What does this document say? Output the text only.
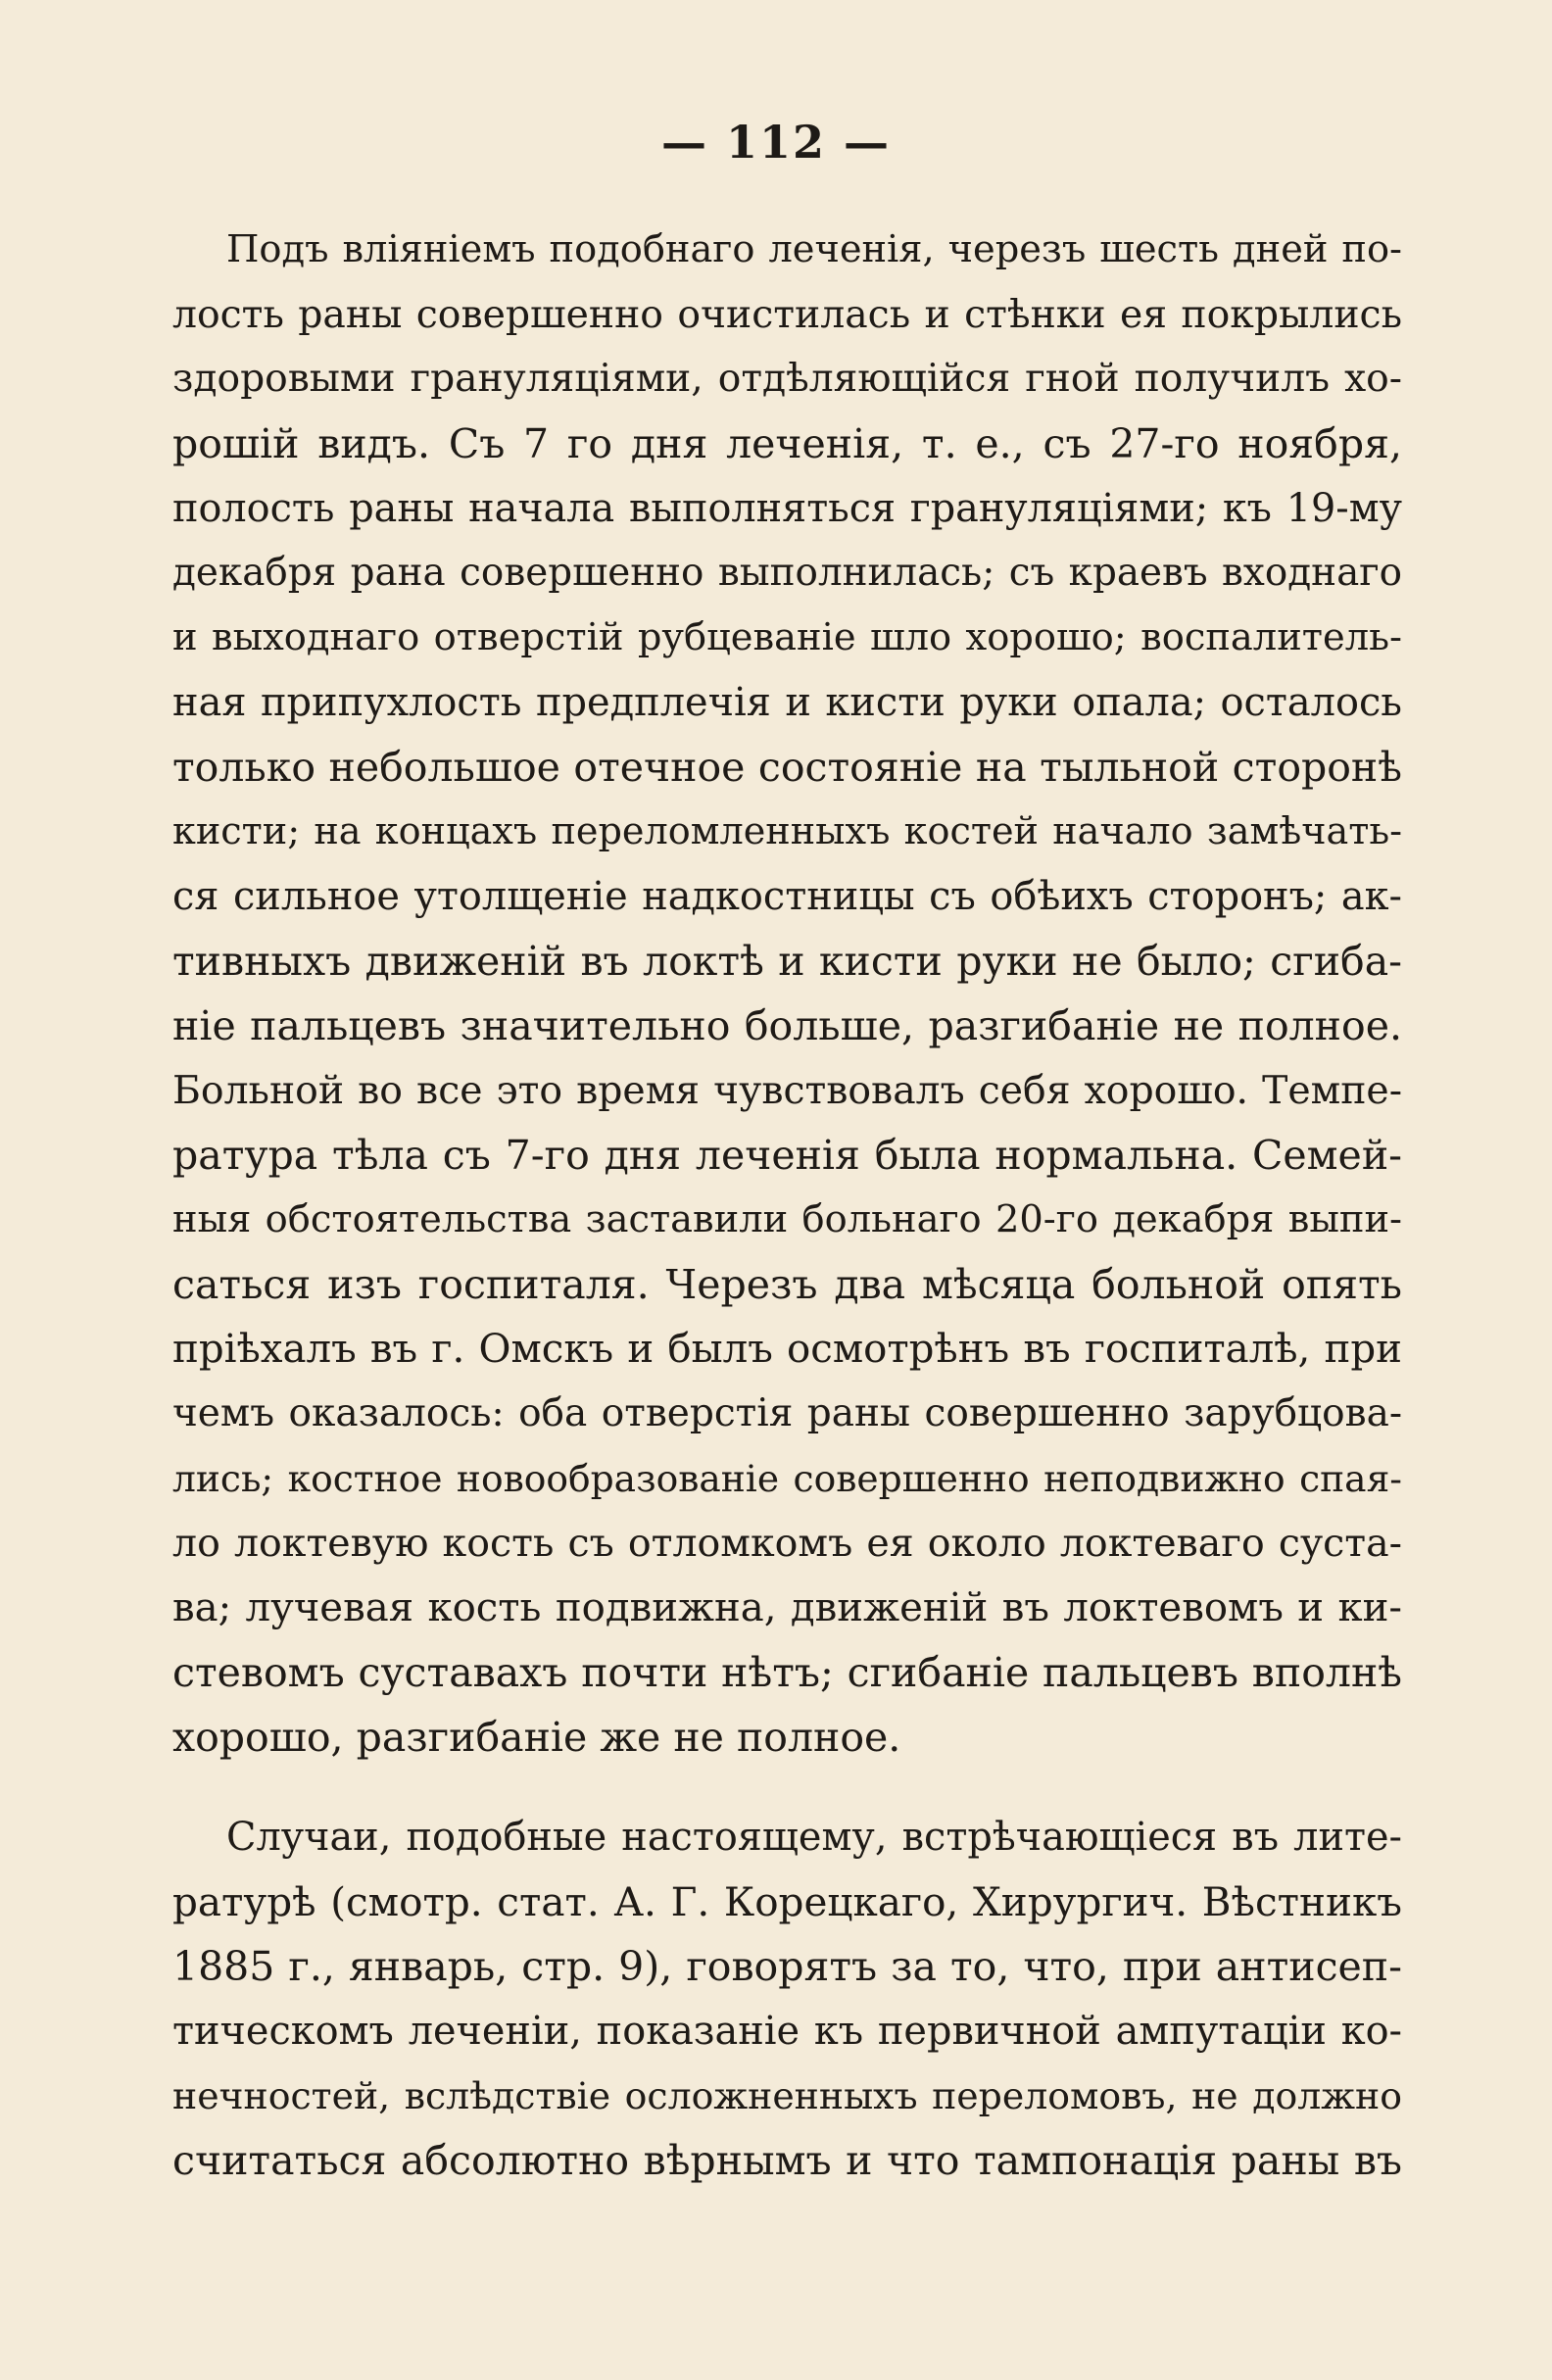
— 112 —
Подъ вліяніемъ подобнаго леченія, черезъ шесть дней по-
лость раны совершенно очистилась и стѣнки ея покрылись
здоровыми грануляціями, отдѣляющійся гной получилъ хо-
рошій видъ. Съ 7 го дня леченія, т. е., съ 27-го ноября,
полость раны начала выполняться грануляціями; къ 19-му
декабря рана совершенно выполнилась; съ краевъ входнаго
и выходнаго отверстій рубцеваніе шло хорошо; воспалитель-
ная припухлость предплечія и кисти руки опала; осталось
только небольшое отечное состояніе на тыльной сторонѣ
кисти; на концахъ переломленныхъ костей начало замѣчать-
ся сильное утолщеніе надкостницы съ обѣихъ сторонъ; ак-
тивныхъ движеній въ локтѣ и кисти руки не было; сгиба-
ніе пальцевъ значительно больше, разгибаніе не полное.
Больной во все это время чувствовалъ себя хорошо. Темпе-
ратура тѣла съ 7-го дня леченія была нормальна. Семей-
ныя обстоятельства заставили больнаго 20-го декабря выпи-
саться изъ госпиталя. Черезъ два мѣсяца больной опять
пріѣхалъ въ г. Омскъ и былъ осмотрѣнъ въ госпиталѣ, при
чемъ оказалось: оба отверстія раны совершенно зарубцова-
лись; костное новообразованіе совершенно неподвижно спая-
ло локтевую кость съ отломкомъ ея около локтеваго суста-
ва; лучевая кость подвижна, движеній въ локтевомъ и ки-
стевомъ суставахъ почти нѣтъ; сгибаніе пальцевъ вполнѣ
хорошо, разгибаніе же не полное.
Случаи, подобные настоящему, встрѣчающіеся въ лите-
ратурѣ (смотр. стат. А. Г. Корецкаго, Хирургич. Вѣстникъ
1885 г., январь, стр. 9), говорятъ за то, что, при антисеп-
тическомъ леченіи, показаніе къ первичной ампутаціи ко-
нечностей, вслѣдствіе осложненныхъ переломовъ, не должно
считаться абсолютно вѣрнымъ и что тампонація раны въ
